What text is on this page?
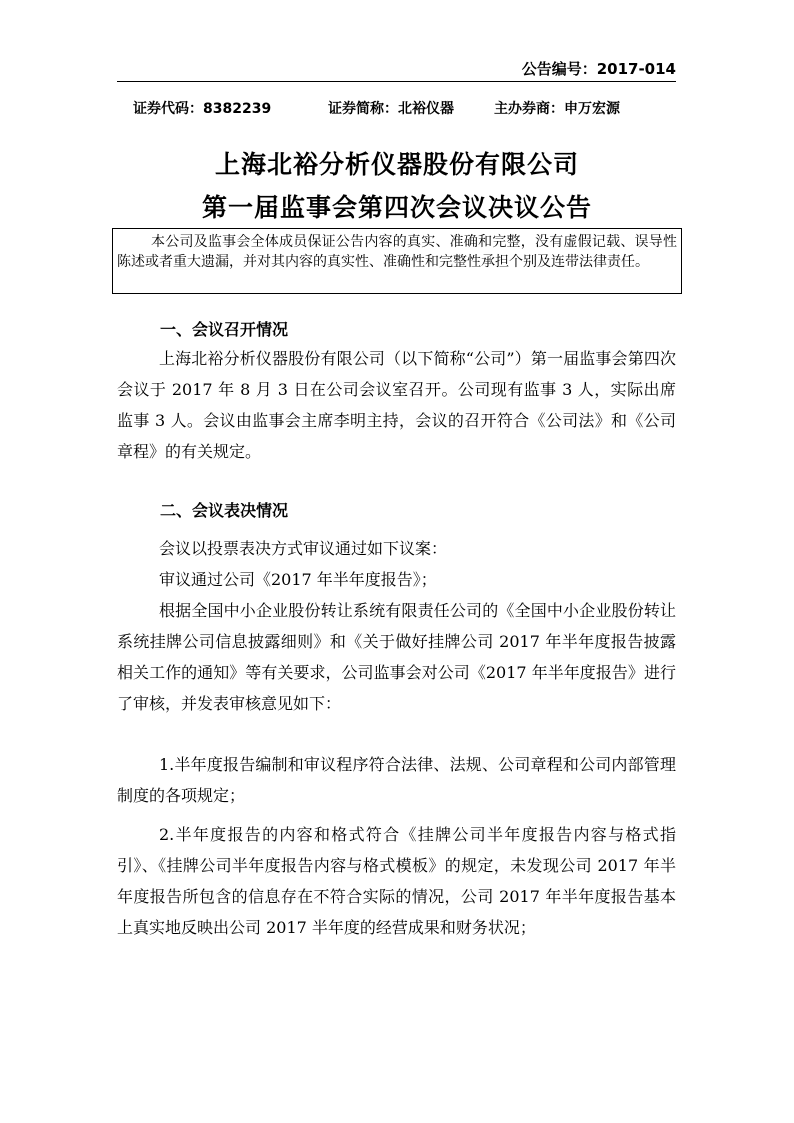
公告编号：2017-014
证券代码：8382239	证券简称：北裕仪器	主办券商：申万宏源
上海北裕分析仪器股份有限公司
第一届监事会第四次会议决议公告
本公司及监事会全体成员保证公告内容的真实、准确和完整，没有虚假记载、误导性陈述或者重大遗漏，并对其内容的真实性、准确性和完整性承担个别及连带法律责任。
一、会议召开情况
上海北裕分析仪器股份有限公司（以下简称“公司”）第一届监事会第四次会议于 2017 年 8 月 3 日在公司会议室召开。公司现有监事 3 人，实际出席监事 3 人。会议由监事会主席李明主持，会议的召开符合《公司法》和《公司章程》的有关规定。
二、会议表决情况
会议以投票表决方式审议通过如下议案：
审议通过公司《2017 年半年度报告》；
根据全国中小企业股份转让系统有限责任公司的《全国中小企业股份转让系统挂牌公司信息披露细则》和《关于做好挂牌公司 2017 年半年度报告披露相关工作的通知》等有关要求，公司监事会对公司《2017 年半年度报告》进行了审核，并发表审核意见如下：
1.半年度报告编制和审议程序符合法律、法规、公司章程和公司内部管理制度的各项规定；
2.半年度报告的内容和格式符合《挂牌公司半年度报告内容与格式指引》、《挂牌公司半年度报告内容与格式模板》的规定，未发现公司 2017 年半年度报告所包含的信息存在不符合实际的情况，公司 2017 年半年度报告基本上真实地反映出公司 2017 半年度的经营成果和财务状况；
